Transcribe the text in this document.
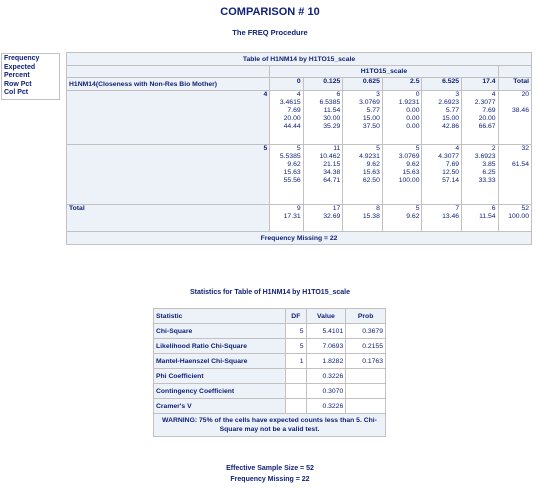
COMPARISON # 10
The FREQ Procedure
Frequency
Expected
Percent
Row Pct
Col Pct
Table of H1NM14 by H1TO15_scale							
	H1TO15_scale						
H1NM14(Closeness with Non-Res Bio Mother)	0	0.125	0.625	2.5	6.525	17.4	Total
4	4
3.4615
7.69
20.00
44.44	6
6.5385
11.54
30.00
35.29	3
3.0769
5.77
15.00
37.50	0
1.9231
0.00
0.00
0.00	3
2.6923
5.77
15.00
42.86	4
2.3077
7.69
20.00
66.67	20

38.46
5	5
5.5385
9.62
15.63
55.56	11
10.462
21.15
34.38
64.71	5
4.9231
9.62
15.63
62.50	5
3.0769
9.62
15.63
100.00	4
4.3077
7.69
12.50
57.14	2
3.6923
3.85
6.25
33.33	32

61.54
Total	9
17.31	17
32.69	8
15.38	5
9.62	7
13.46	6
11.54	52
100.00
Frequency Missing = 22							
Statistics for Table of H1NM14 by H1TO15_scale
Statistic	DF	Value	Prob
Chi-Square	5	5.4101	0.3679
Likelihood Ratio Chi-Square	5	7.0693	0.2155
Mantel-Haenszel Chi-Square	1	1.8282	0.1763
Phi Coefficient		0.3226	
Contingency Coefficient		0.3070	
Cramer's V		0.3226	
WARNING: 75% of the cells have expected counts less than 5. Chi-Square may not be a valid test.			
Effective Sample Size = 52
Frequency Missing = 22
